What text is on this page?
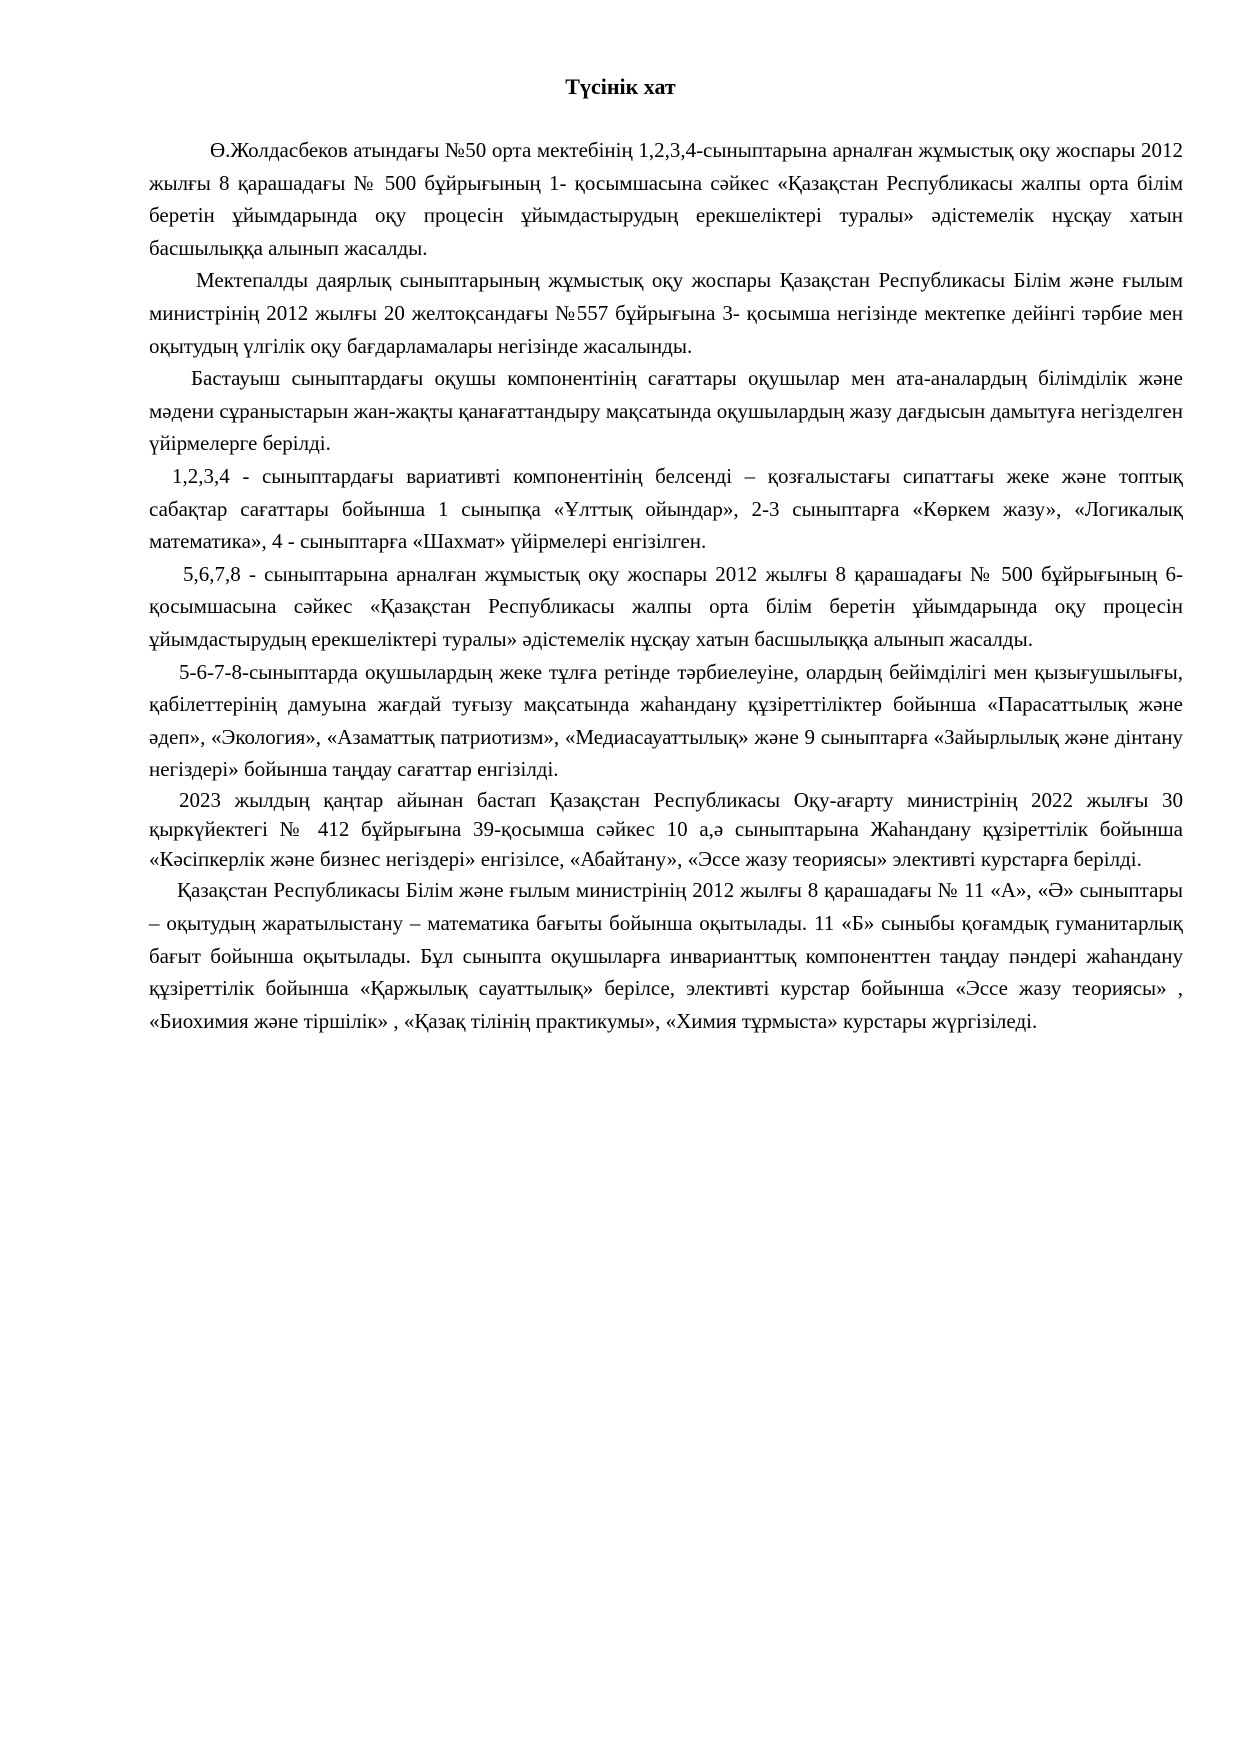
Түсінік хат

Ө.Жолдасбеков атындағы №50 орта мектебінің 1,2,3,4-сыныптарына арналған жұмыстық оқу жоспары 2012 жылғы 8 қарашадағы № 500 бұйрығының 1- қосымшасына сәйкес «Қазақстан Республикасы жалпы орта білім беретін ұйымдарында оқу процесін ұйымдастырудың ерекшеліктері туралы» әдістемелік нұсқау хатын басшылыққа алынып жасалды.

Мектепалды даярлық сыныптарының жұмыстық оқу жоспары Қазақстан Республикасы Білім және ғылым министрінің 2012 жылғы 20 желтоқсандағы №557 бұйрығына 3- қосымша негізінде мектепке дейінгі тәрбие мен оқытудың үлгілік оқу бағдарламалары негізінде жасалынды.

Бастауыш сыныптардағы оқушы компонентінің сағаттары оқушылар мен ата-аналардың білімділік және мәдени сұраныстарын жан-жақты қанағаттандыру мақсатында оқушылардың жазу дағдысын дамытуға негізделген үйірмелерге берілді.

1,2,3,4 - сыныптардағы вариативті компонентінің белсенді – қозғалыстағы сипаттағы жеке және топтық сабақтар сағаттары бойынша 1 сыныпқа «Ұлттық ойындар», 2-3 сыныптарға «Көркем жазу», «Логикалық математика», 4 - сыныптарға «Шахмат» үйірмелері енгізілген.

5,6,7,8 - сыныптарына арналған жұмыстық оқу жоспары 2012 жылғы 8 қарашадағы № 500 бұйрығының 6- қосымшасына сәйкес «Қазақстан Республикасы жалпы орта білім беретін ұйымдарында оқу процесін ұйымдастырудың ерекшеліктері туралы» әдістемелік нұсқау хатын басшылыққа алынып жасалды.

5-6-7-8-сыныптарда оқушылардың жеке тұлға ретінде тәрбиелеуіне, олардың бейімділігі мен қызығушылығы, қабілеттерінің дамуына жағдай туғызу мақсатында жаһандану құзіреттіліктер бойынша «Парасаттылық және әдеп», «Экология», «Азаматтық патриотизм», «Медиасауаттылық» және 9 сыныптарға «Зайырлылық және дінтану негіздері» бойынша таңдау сағаттар енгізілді.

2023 жылдың қаңтар айынан бастап Қазақстан Республикасы Оқу-ағарту министрінің 2022 жылғы 30 қыркүйектегі № 412 бұйрығына 39-қосымша сәйкес 10 а,ә сыныптарына Жаһандану құзіреттілік бойынша «Кәсіпкерлік және бизнес негіздері» енгізілсе, «Абайтану», «Эссе жазу теориясы» элективті курстарға берілді.

Қазақстан Республикасы Білім және ғылым министрінің 2012 жылғы 8 қарашадағы № 11 «А», «Ә» сыныптары – оқытудың жаратылыстану – математика бағыты бойынша оқытылады. 11 «Б» сыныбы қоғамдық гуманитарлық бағыт бойынша оқытылады. Бұл сыныпта оқушыларға инварианттық компоненттен таңдау пәндері жаһандану құзіреттілік бойынша «Қаржылық сауаттылық» берілсе, элективті курстар бойынша «Эссе жазу теориясы» , «Биохимия және тіршілік» , «Қазақ тілінің практикумы», «Химия тұрмыста» курстары жүргізіледі.
